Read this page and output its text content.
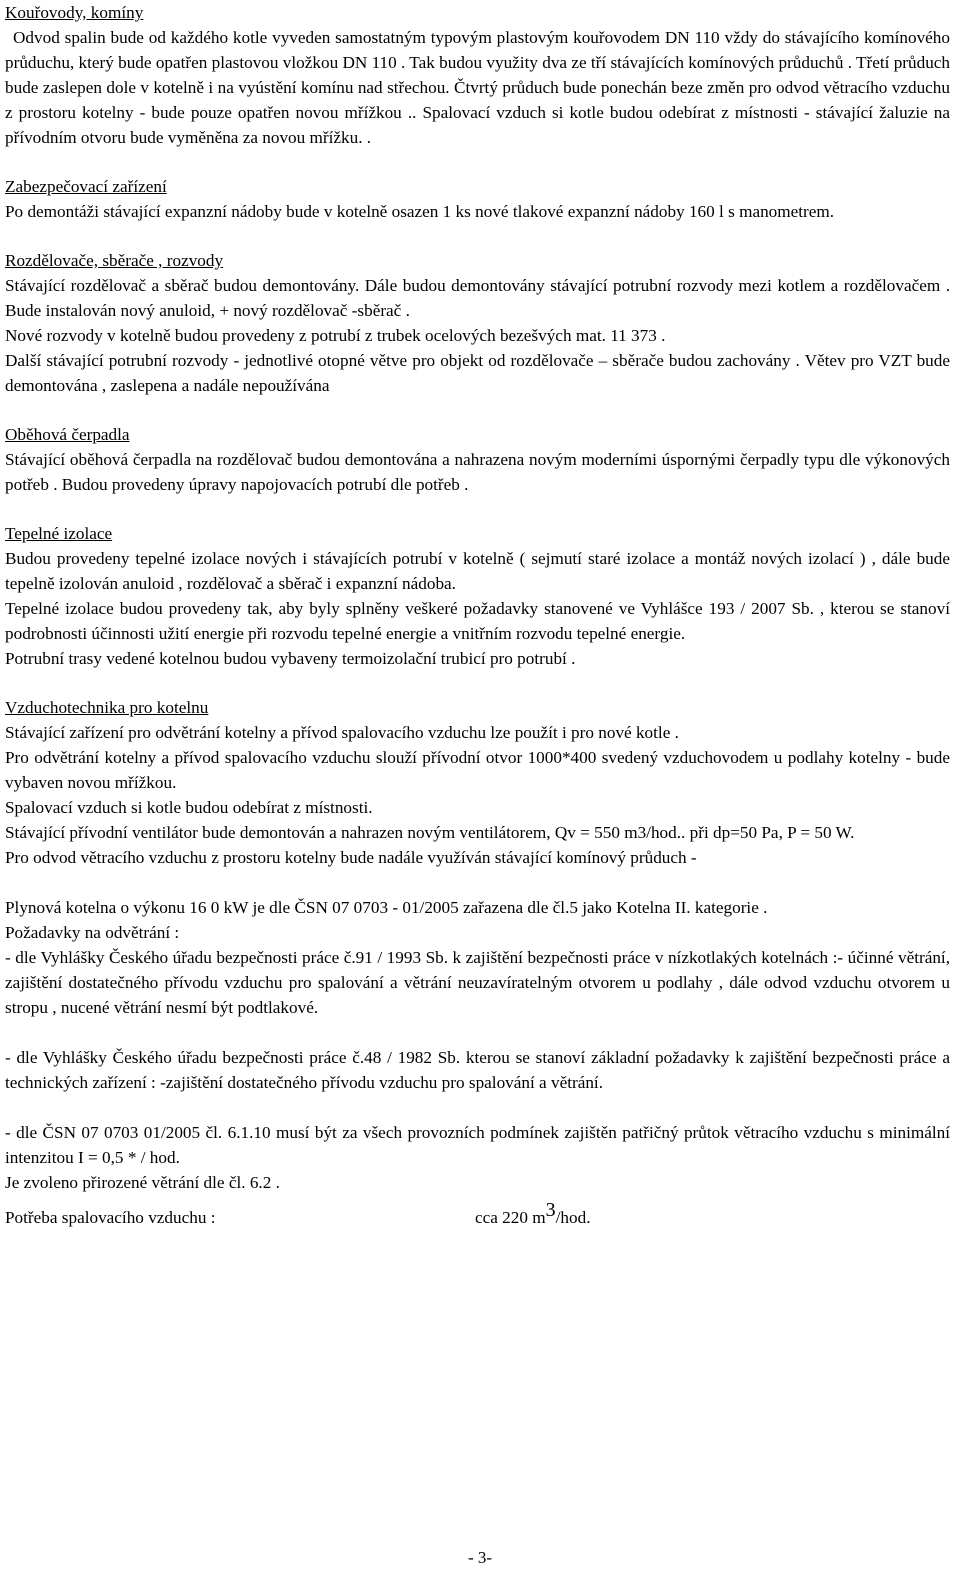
Kouřovody, komíny
Odvod spalin bude od každého kotle vyveden samostatným typovým plastovým kouřovodem DN 110 vždy do stávajícího komínového průduchu, který bude opatřen plastovou vložkou DN 110 . Tak budou využity dva ze tří stávajících komínových průduchů . Třetí průduch bude zaslepen dole v kotelně i na vyústění komínu nad střechou. Čtvrtý průduch bude ponechán beze změn pro odvod větracího vzduchu z prostoru kotelny - bude pouze opatřen novou mřížkou .. Spalovací vzduch si kotle budou odebírat z místnosti - stávající žaluzie na přívodním otvoru bude vyměněna za novou mřížku. .
Zabezpečovací zařízení
Po demontáži stávající expanzní nádoby bude v kotelně osazen 1 ks nové tlakové expanzní nádoby 160 l s manometrem.
Rozdělovače, sběrače , rozvody
Stávající rozdělovač a sběrač budou demontovány. Dále budou demontovány stávající potrubní rozvody mezi kotlem a rozdělovačem . Bude instalován nový anuloid, + nový rozdělovač -sběrač .
Nové rozvody v kotelně budou provedeny z potrubí z trubek ocelových bezešvých mat. 11 373 .
Další stávající potrubní rozvody - jednotlivé otopné větve pro objekt od rozdělovače – sběrače budou zachovány . Větev pro VZT bude demontována , zaslepena a nadále nepoužívána
Oběhová čerpadla
Stávající oběhová čerpadla na rozdělovač budou demontována a nahrazena novým moderními úspornými čerpadly typu dle výkonových potřeb . Budou provedeny úpravy napojovacích potrubí dle potřeb .
Tepelné izolace
Budou provedeny tepelné izolace nových i stávajících potrubí v kotelně ( sejmutí staré izolace a montáž nových izolací ) , dále bude tepelně izolován anuloid , rozdělovač a sběrač i expanzní nádoba.
Tepelné izolace budou provedeny tak, aby byly splněny veškeré požadavky stanovené ve Vyhlášce 193 / 2007 Sb. , kterou se stanoví podrobnosti účinnosti užití energie při rozvodu tepelné energie a vnitřním rozvodu tepelné energie.
Potrubní trasy vedené kotelnou budou vybaveny termoizolační trubicí pro potrubí .
Vzduchotechnika pro kotelnu
Stávající zařízení pro odvětrání kotelny a přívod spalovacího vzduchu lze použít i pro nové kotle .
Pro odvětrání kotelny a přívod spalovacího vzduchu slouží přívodní otvor 1000*400 svedený vzduchovodem u podlahy kotelny - bude vybaven novou mřížkou.
Spalovací vzduch si kotle budou odebírat z místnosti.
Stávající přívodní ventilátor bude demontován a nahrazen novým ventilátorem, Qv = 550 m3/hod.. při dp=50 Pa, P = 50 W.
Pro odvod větracího vzduchu z prostoru kotelny bude nadále využíván stávající komínový průduch -
Plynová kotelna o výkonu 16 0 kW je dle ČSN 07 0703 - 01/2005 zařazena dle čl.5 jako Kotelna II. kategorie .
Požadavky na odvětrání :
- dle Vyhlášky Českého úřadu bezpečnosti práce č.91 / 1993 Sb. k zajištění bezpečnosti práce v nízkotlakých kotelnách :- účinné větrání, zajištění dostatečného přívodu vzduchu pro spalování a větrání neuzavíratelným otvorem u podlahy , dále odvod vzduchu otvorem u stropu , nucené větrání nesmí být podtlakové.
- dle Vyhlášky Českého úřadu bezpečnosti práce č.48 / 1982 Sb. kterou se stanoví základní požadavky k zajištění bezpečnosti práce a technických zařízení : -zajištění dostatečného přívodu vzduchu pro spalování a větrání.
- dle ČSN 07 0703 01/2005 čl. 6.1.10 musí být za všech provozních podmínek zajištěn patřičný průtok větracího vzduchu s minimální intenzitou I = 0,5 * / hod.
Je zvoleno přirozené větrání dle čl. 6.2 .
Potřeba spalovacího vzduchu :	cca 220 $m^3$/hod.
- 3-
